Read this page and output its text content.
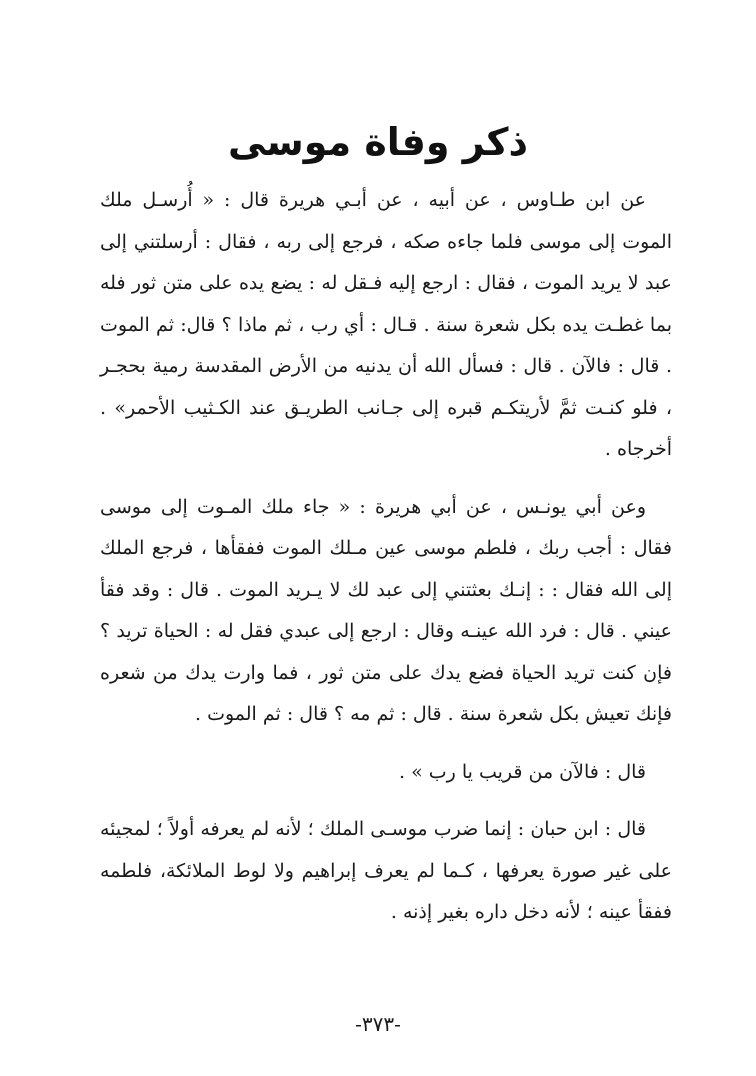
ذكر وفاة موسى

عن ابن طـاوس ، عن أبيه ، عن أبـي هريرة قال : « أُرسـل ملك الموت إلى موسى فلما جاءه صكه ، فرجع إلى ربه ، فقال : أرسلتني إلى عبد لا يريد الموت ، فقال : ارجع إليه فـقل له : يضع يده على متن ثور فله بما غطـت يده بكل شعرة سنة . قـال : أي رب ، ثم ماذا ؟ قال: ثم الموت . قال : فالآن . قال : فسأل الله أن يدنيه من الأرض المقدسة رمية بحجـر ، فلو كنـت ثمَّ لأريتكـم قبره إلى جـانب الطريـق عند الكـثيب الأحمر» . أخرجاه .

وعن أبي يونـس ، عن أبي هريرة : « جاء ملك المـوت إلى موسى فقال : أجب ربك ، فلطم موسى عين مـلك الموت ففقأها ، فرجع الملك إلى الله فقال : : إنـك بعثتني إلى عبد لك لا يـريد الموت . قال : وقد فقأ عيني . قال : فرد الله عينـه وقال : ارجع إلى عبدي فقل له : الحياة تريد ؟ فإن كنت تريد الحياة فضع يدك على متن ثور ، فما وارت يدك من شعره فإنك تعيش بكل شعرة سنة . قال : ثم مه ؟ قال : ثم الموت .

قال : فالآن من قريب يا رب » .

قال : ابن حبان : إنما ضرب موسـى الملك ؛ لأنه لم يعرفه أولاً ؛ لمجيئه على غير صورة يعرفها ، كـما لم يعرف إبراهيم ولا لوط الملائكة، فلطمه ففقأ عينه ؛ لأنه دخل داره بغير إذنه .

-٣٧٣-
